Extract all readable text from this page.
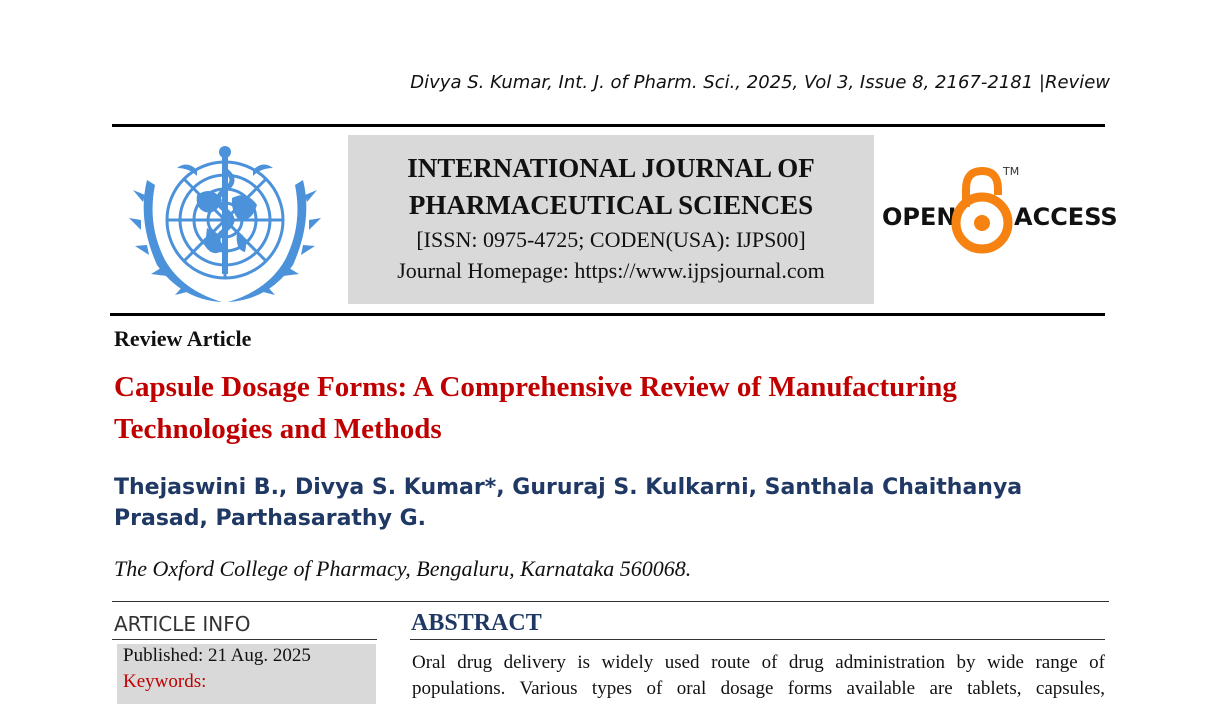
Divya S. Kumar, Int. J. of Pharm. Sci., 2025, Vol 3, Issue 8, 2167-2181 |Review
INTERNATIONAL JOURNAL OF
PHARMACEUTICAL SCIENCES
[ISSN: 0975-4725; CODEN(USA): IJPS00]
Journal Homepage: https://www.ijpsjournal.com
OPEN
TM
ACCESS
Review Article
Capsule Dosage Forms: A Comprehensive Review of Manufacturing Technologies and Methods
Thejaswini B., Divya S. Kumar*, Gururaj S. Kulkarni, Santhala Chaithanya Prasad, Parthasarathy G.
The Oxford College of Pharmacy, Bengaluru, Karnataka 560068.
ARTICLE INFO
Published: 21 Aug. 2025
Keywords:
ABSTRACT
Oral drug delivery is widely used route of drug administration by wide range of populations. Various types of oral dosage forms available are tablets, capsules,
